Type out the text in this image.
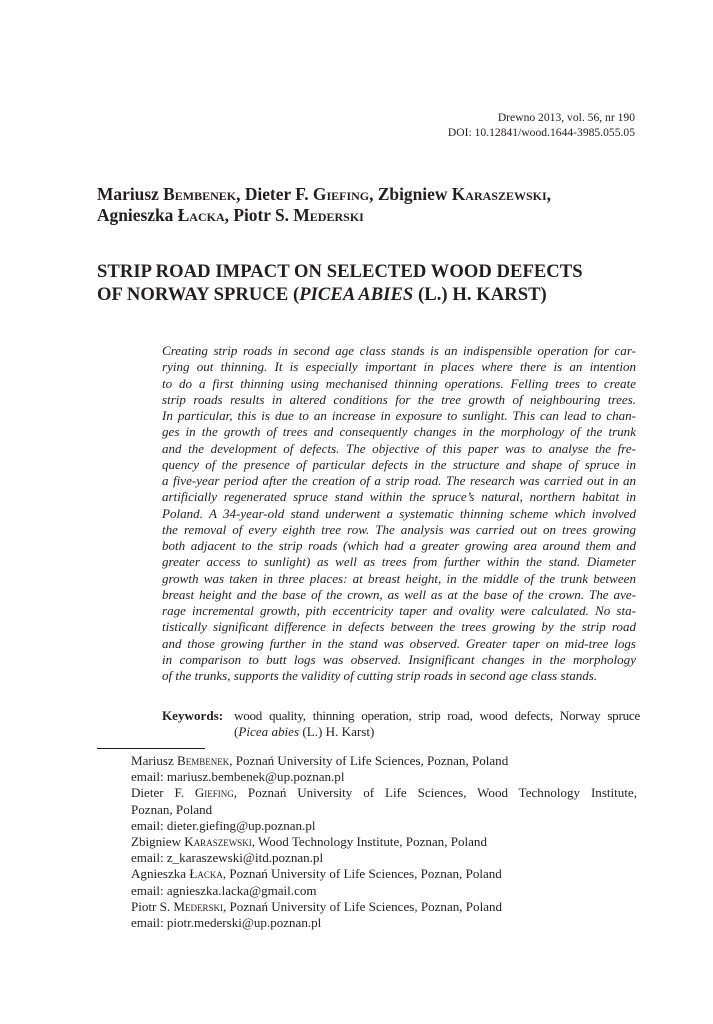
Drewno 2013, vol. 56, nr 190
DOI: 10.12841/wood.1644-3985.055.05
Mariusz Bembenek, Dieter F. Giefing, Zbigniew Karaszewski,
Agnieszka Łacka, Piotr S. Mederski
STRIP ROAD IMPACT ON SELECTED WOOD DEFECTS
OF NORWAY SPRUCE (PICEA ABIES (L.) H. KARST)
Creating strip roads in second age class stands is an indispensible operation for car-
rying out thinning. It is especially important in places where there is an intention
to do a first thinning using mechanised thinning operations. Felling trees to create
strip roads results in altered conditions for the tree growth of neighbouring trees.
In particular, this is due to an increase in exposure to sunlight. This can lead to chan-
ges in the growth of trees and consequently changes in the morphology of the trunk
and the development of defects. The objective of this paper was to analyse the fre-
quency of the presence of particular defects in the structure and shape of spruce in
a five-year period after the creation of a strip road. The research was carried out in an
artificially regenerated spruce stand within the spruce’s natural, northern habitat in
Poland. A 34-year-old stand underwent a systematic thinning scheme which involved
the removal of every eighth tree row. The analysis was carried out on trees growing
both adjacent to the strip roads (which had a greater growing area around them and
greater access to sunlight) as well as trees from further within the stand. Diameter
growth was taken in three places: at breast height, in the middle of the trunk between
breast height and the base of the crown, as well as at the base of the crown. The ave-
rage incremental growth, pith eccentricity taper and ovality were calculated. No sta-
tistically significant difference in defects between the trees growing by the strip road
and those growing further in the stand was observed. Greater taper on mid-tree logs
in comparison to butt logs was observed. Insignificant changes in the morphology
of the trunks, supports the validity of cutting strip roads in second age class stands.
Keywords: wood quality, thinning operation, strip road, wood defects, Norway spruce
(Picea abies (L.) H. Karst)
Mariusz Bembenek, Poznań University of Life Sciences, Poznan, Poland
email: mariusz.bembenek@up.poznan.pl
Dieter F. Giefing, Poznań University of Life Sciences, Wood Technology Institute,
Poznan, Poland
email: dieter.giefing@up.poznan.pl
Zbigniew Karaszewski, Wood Technology Institute, Poznan, Poland
email: z_karaszewski@itd.poznan.pl
Agnieszka Łacka, Poznań University of Life Sciences, Poznan, Poland
email: agnieszka.lacka@gmail.com
Piotr S. Mederski, Poznań University of Life Sciences, Poznan, Poland
email: piotr.mederski@up.poznan.pl
